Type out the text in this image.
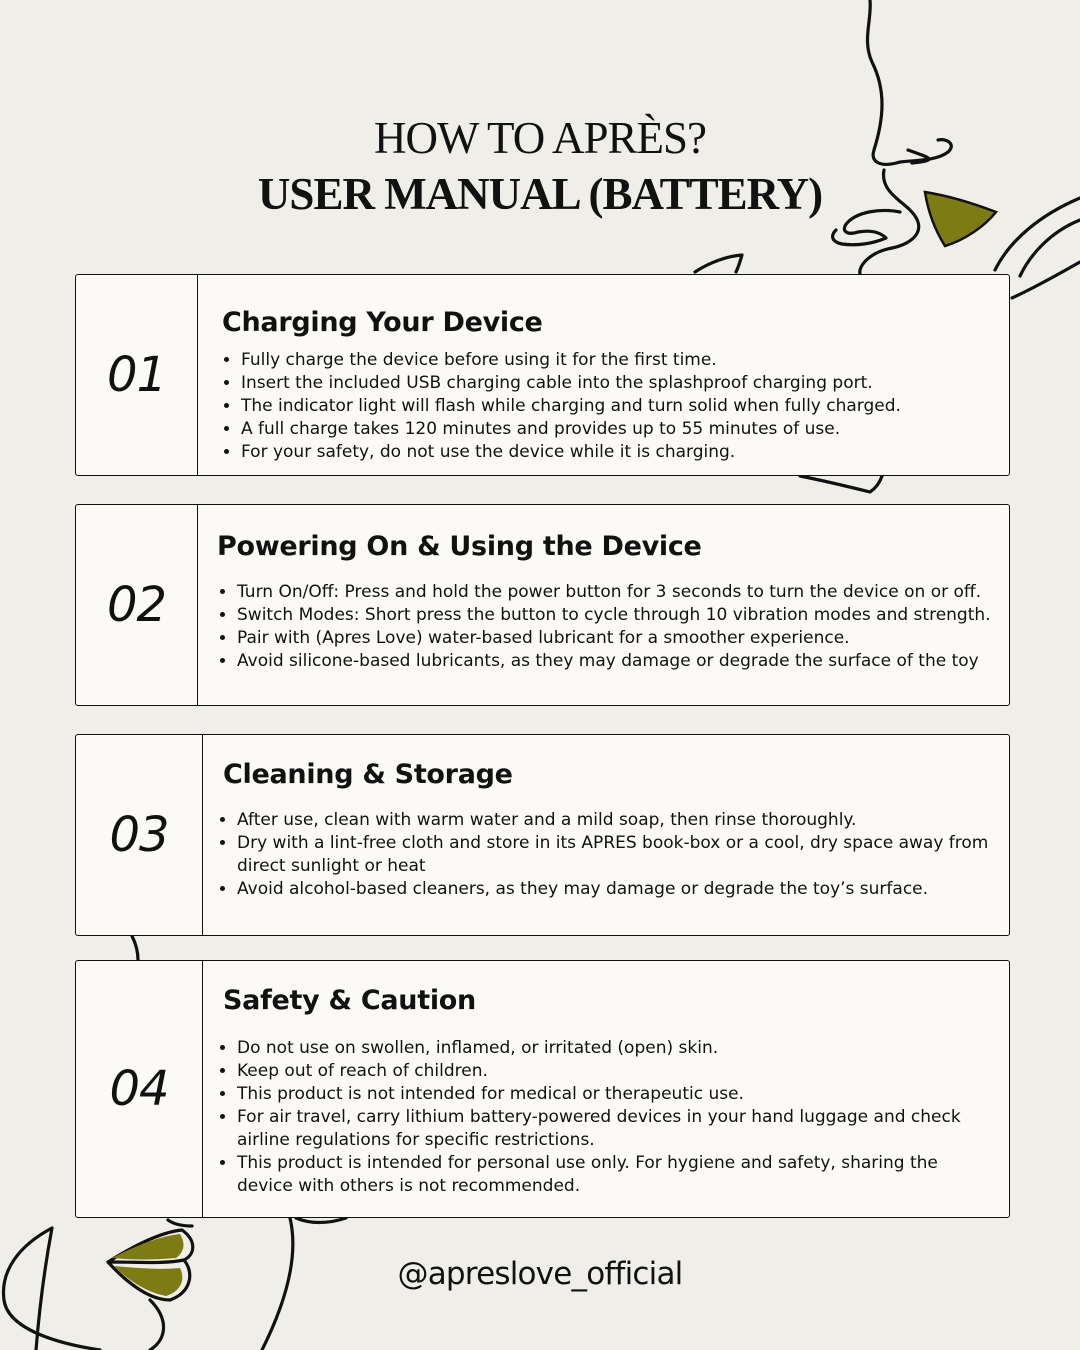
HOW TO APRÈS?
USER MANUAL (BATTERY)
01
Charging Your Device
• Fully charge the device before using it for the first time.
• Insert the included USB charging cable into the splashproof charging port.
• The indicator light will flash while charging and turn solid when fully charged.
• A full charge takes 120 minutes and provides up to 55 minutes of use.
• For your safety, do not use the device while it is charging.
02
Powering On & Using the Device
• Turn On/Off: Press and hold the power button for 3 seconds to turn the device on or off.
• Switch Modes: Short press the button to cycle through 10 vibration modes and strength.
• Pair with (Apres Love) water-based lubricant for a smoother experience.
• Avoid silicone-based lubricants, as they may damage or degrade the surface of the toy
03
Cleaning & Storage
• After use, clean with warm water and a mild soap, then rinse thoroughly.
• Dry with a lint-free cloth and store in its APRES book-box or a cool, dry space away from direct sunlight or heat
• Avoid alcohol-based cleaners, as they may damage or degrade the toy’s surface.
04
Safety & Caution
• Do not use on swollen, inflamed, or irritated (open) skin.
• Keep out of reach of children.
• This product is not intended for medical or therapeutic use.
• For air travel, carry lithium battery-powered devices in your hand luggage and check airline regulations for specific restrictions.
• This product is intended for personal use only. For hygiene and safety, sharing the device with others is not recommended.

@apreslove_official
